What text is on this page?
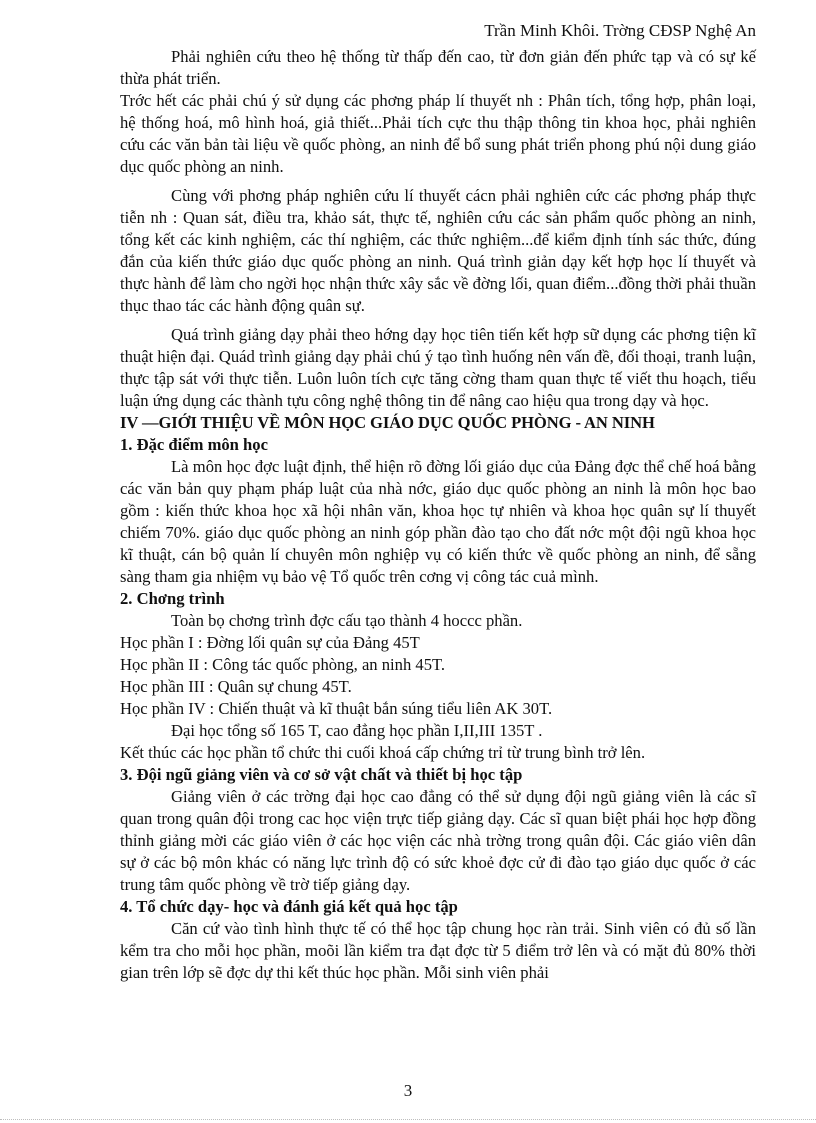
Trần Minh Khôi. Trờng CĐSP Nghệ An

Phải nghiên cứu theo hệ thống từ thấp đến cao, từ đơn giản đến phức tạp và có sự kế thừa phát triển.

Trớc hết các phải chú ý sử dụng các phơng pháp lí thuyết nh : Phân tích, tổng hợp, phân loại, hệ thống hoá, mô hình hoá, giả thiết...Phải tích cực thu thập thông tin khoa học, phải nghiên cứu các văn bản tài liệu về quốc phòng, an ninh để bổ sung phát triển phong phú nội dung giáo dục quốc phòng an ninh.

Cùng với phơng pháp nghiên cứu lí thuyết cácn phải nghiên cức các phơng pháp thực tiễn nh : Quan sát, điều tra, khảo sát, thực tế, nghiên cứu các sản phẩm quốc phòng an ninh, tổng kết các kinh nghiệm, các thí nghiệm, các thức nghiệm...để kiểm định tính sác thức, đúng đắn của kiến thức giáo dục quốc phòng an ninh. Quá trình giản dạy kết hợp học lí thuyết và thực hành để làm cho ngời học nhận thức xây sắc về đờng lối, quan điểm...đồng thời phải thuần thục thao tác các hành động quân sự.

Quá trình giảng dạy phải theo hớng dạy học tiên tiến kết hợp sữ dụng các phơng tiện kĩ thuật hiện đại. Quád trình giảng dạy phải chú ý tạo tình huống nên vấn đề, đối thoại, tranh luận, thực tập sát với thực tiễn. Luôn luôn tích cực tăng cờng tham quan thực tế viết thu hoạch, tiểu luận ứng dụng các thành tựu công nghệ thông tin để nâng cao hiệu qua trong dạy và học.

IV —GIỚI THIỆU VỀ MÔN HỌC GIÁO DỤC QUỐC PHÒNG - AN NINH

1. Đặc điểm môn học

Là môn học đợc luật định, thể hiện rõ đờng lối giáo dục của Đảng đợc thể chế hoá bằng các văn bản quy phạm pháp luật của nhà nớc, giáo dục quốc phòng an ninh là môn học bao gồm : kiến thức khoa học xã hội nhân văn, khoa học tự nhiên và khoa học quân sự lí thuyết chiếm 70%. giáo dục quốc phòng an ninh góp phần đào tạo cho đất nớc một đội ngũ khoa học kĩ thuật, cán bộ quản lí chuyên môn nghiệp vụ có kiến thức về quốc phòng an ninh, để sẵng sàng tham gia nhiệm vụ bảo vệ Tổ quốc trên cơng vị công tác cuả mình.

2. Chơng trình

Toàn bọ chơng trình đợc cấu tạo thành 4 hoccc phần.

Học phần I : Đờng lối quân sự của Đảng 45T

Học phần II : Công tác quốc phòng, an ninh 45T.

Học phần III : Quân sự chung 45T.

Học phần IV : Chiến thuật và kĩ thuật bắn súng tiểu liên AK 30T.

Đại học tổng số 165 T, cao đẳng học phần I,II,III 135T .

Kết thúc các học phần tổ chức thi cuối khoá cấp chứng trỉ từ trung bình trở lên.

3. Đội ngũ giảng viên và cơ sở vật chất và thiết bị học tập

Giảng viên ở các trờng đại học cao đẳng có thể sử dụng đội ngũ giảng viên là các sĩ quan trong quân đội trong cac học viện trực tiếp giảng dạy. Các sĩ quan biệt phái học hợp đồng thỉnh giảng mời các giáo viên ở các học viện các nhà trờng trong quân đội. Các giáo viên dân sự ở các bộ môn khác có năng lực trình độ có sức khoẻ đợc cử đi đào tạo giáo dục quốc ở các trung tâm quốc phòng về trờ tiếp giảng dạy.

4. Tổ chức dạy- học và đánh giá kết quả học tập

Căn cứ vào tình hình thực tế có thể học tập chung học ràn trải. Sinh viên có đủ số lần kểm tra cho mỗi học phần, moõi lần kiểm tra đạt đợc từ 5 điểm trở lên và có mặt đủ 80% thời gian trên lớp sẽ đợc dự thi kết thúc học phần. Mỗi sinh viên phải

3
